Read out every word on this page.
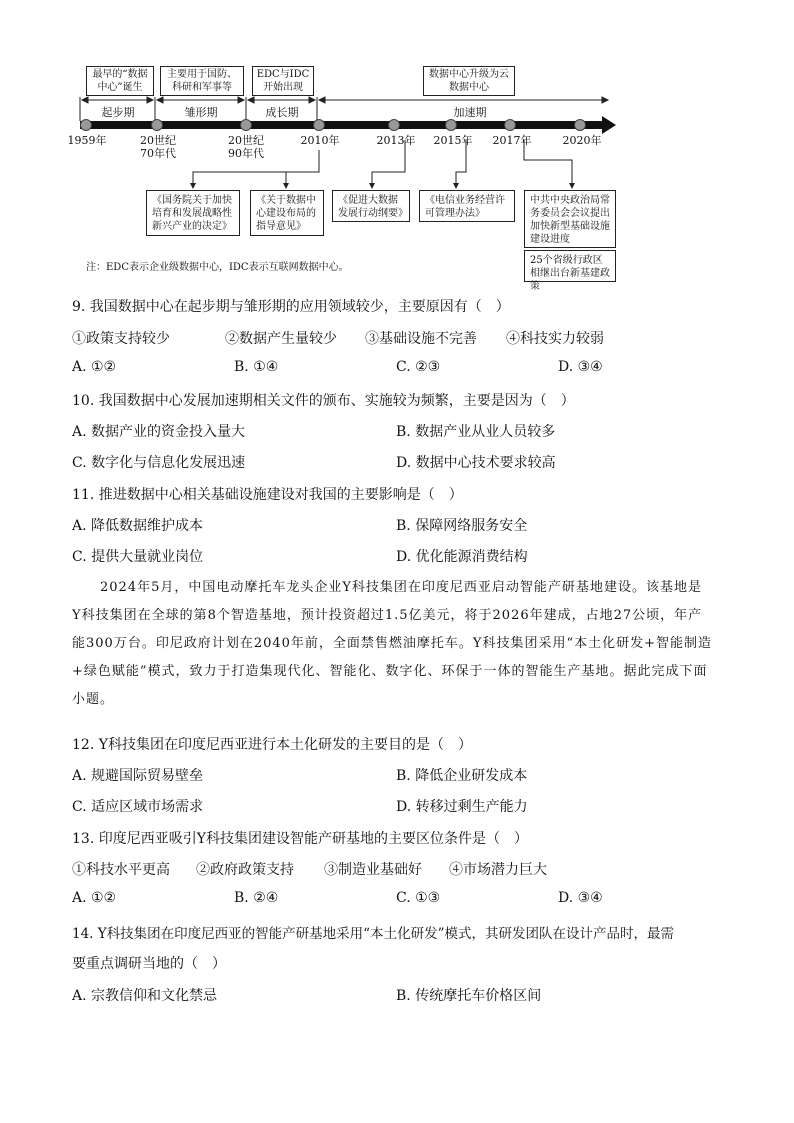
最早的“数据中心”诞生
主要用于国防、科研和军事等
EDC与IDC开始出现
数据中心升级为云数据中心
起步期	雏形期	成长期	加速期
1959年	20世纪70年代
20世纪90年代
2010年	2013年 2015年 2017年	2020年
《国务院关于加快培育和发展战略性新兴产业的决定》
《关于数据中心建设布局的指导意见》
《促进大数据发展行动纲要》
《电信业务经营许可管理办法》
中共中央政治局常务委员会会议提出加快新型基础设施建设进度
25个省级行政区相继出台新基建政策
注：EDC表示企业级数据中心，IDC表示互联网数据中心。
9. 我国数据中心在起步期与雏形期的应用领域较少，主要原因有（　）
①政策支持较少	②数据产生量较少 ③基础设施不完善 ④科技实力较弱
A. ①②	B. ①④	C. ②③	D. ③④
10. 我国数据中心发展加速期相关文件的颁布、实施较为频繁，主要是因为（　）
A. 数据产业的资金投入量大	B. 数据产业从业人员较多
C. 数字化与信息化发展迅速	D. 数据中心技术要求较高
11. 推进数据中心相关基础设施建设对我国的主要影响是（　）
A. 降低数据维护成本	B. 保障网络服务安全
C. 提供大量就业岗位	D. 优化能源消费结构
2024年5月，中国电动摩托车龙头企业Y科技集团在印度尼西亚启动智能产研基地建设。该基地是
Y科技集团在全球的第8个智造基地，预计投资超过1.5亿美元，将于2026年建成，占地27公顷，年产
能300万台。印尼政府计划在2040年前，全面禁售燃油摩托车。Y科技集团采用“本土化研发+智能制造
+绿色赋能”模式，致力于打造集现代化、智能化、数字化、环保于一体的智能生产基地。据此完成下面
小题。
12. Y科技集团在印度尼西亚进行本土化研发的主要目的是（　）
A. 规避国际贸易壁垒	B. 降低企业研发成本
C. 适应区域市场需求	D. 转移过剩生产能力
13. 印度尼西亚吸引Y科技集团建设智能产研基地的主要区位条件是（　）
①科技水平更高 ②政府政策支持 ③制造业基础好 ④市场潜力巨大
A. ①②	B. ②④	C. ①③	D. ③④
14. Y科技集团在印度尼西亚的智能产研基地采用“本土化研发”模式，其研发团队在设计产品时，最需
要重点调研当地的（　）
A. 宗教信仰和文化禁忌	B. 传统摩托车价格区间
